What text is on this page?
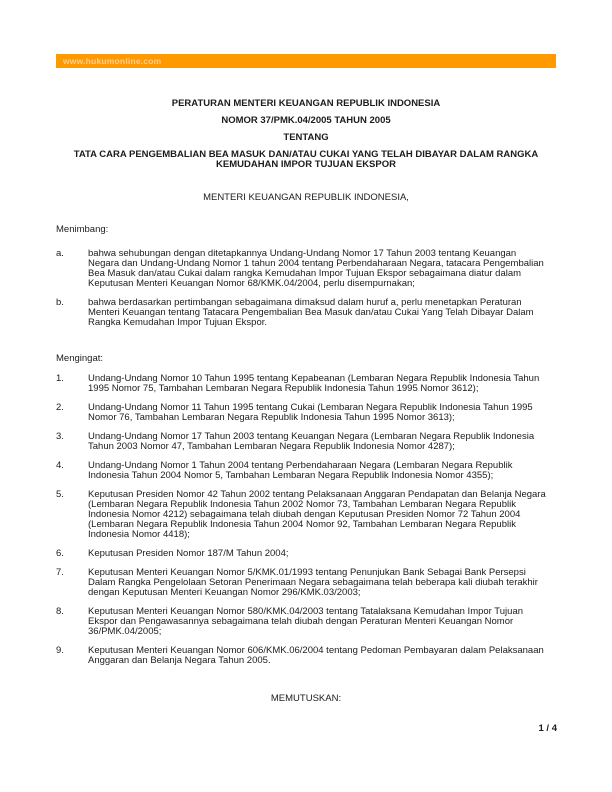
www.hukumonline.com

PERATURAN MENTERI KEUANGAN REPUBLIK INDONESIA

NOMOR 37/PMK.04/2005 TAHUN 2005

TENTANG

TATA CARA PENGEMBALIAN BEA MASUK DAN/ATAU CUKAI YANG TELAH DIBAYAR DALAM RANGKA KEMUDAHAN IMPOR TUJUAN EKSPOR

MENTERI KEUANGAN REPUBLIK INDONESIA,
Menimbang:
a.	bahwa sehubungan dengan ditetapkannya Undang-Undang Nomor 17 Tahun 2003 tentang Keuangan Negara dan Undang-Undang Nomor 1 tahun 2004 tentang Perbendaharaan Negara, tatacara Pengembalian Bea Masuk dan/atau Cukai dalam rangka Kemudahan Impor Tujuan Ekspor sebagaimana diatur dalam Keputusan Menteri Keuangan Nomor 68/KMK.04/2004, perlu disempurnakan;
b.	bahwa berdasarkan pertimbangan sebagaimana dimaksud dalam huruf a, perlu menetapkan Peraturan Menteri Keuangan tentang Tatacara Pengembalian Bea Masuk dan/atau Cukai Yang Telah Dibayar Dalam Rangka Kemudahan Impor Tujuan Ekspor.
Mengingat:
1.	Undang-Undang Nomor 10 Tahun 1995 tentang Kepabeanan (Lembaran Negara Republik Indonesia Tahun 1995 Nomor 75, Tambahan Lembaran Negara Republik Indonesia Tahun 1995 Nomor 3612);
2.	Undang-Undang Nomor 11 Tahun 1995 tentang Cukai (Lembaran Negara Republik Indonesia Tahun 1995 Nomor 76, Tambahan Lembaran Negara Republik Indonesia Tahun 1995 Nomor 3613);
3.	Undang-Undang Nomor 17 Tahun 2003 tentang Keuangan Negara (Lembaran Negara Republik Indonesia Tahun 2003 Nomor 47, Tambahan Lembaran Negara Republik Indonesia Nomor 4287);
4.	Undang-Undang Nomor 1 Tahun 2004 tentang Perbendaharaan Negara (Lembaran Negara Republik Indonesia Tahun 2004 Nomor 5, Tambahan Lembaran Negara Republik Indonesia Nomor 4355);
5.	Keputusan Presiden Nomor 42 Tahun 2002 tentang Pelaksanaan Anggaran Pendapatan dan Belanja Negara (Lembaran Negara Republik Indonesia Tahun 2002 Nomor 73, Tambahan Lembaran Negara Republik Indonesia Nomor 4212) sebagaimana telah diubah dengan Keputusan Presiden Nomor 72 Tahun 2004 (Lembaran Negara Republik Indonesia Tahun 2004 Nomor 92, Tambahan Lembaran Negara Republik Indonesia Nomor 4418);
6.	Keputusan Presiden Nomor 187/M Tahun 2004;
7.	Keputusan Menteri Keuangan Nomor 5/KMK.01/1993 tentang Penunjukan Bank Sebagai Bank Persepsi Dalam Rangka Pengelolaan Setoran Penerimaan Negara sebagaimana telah beberapa kali diubah terakhir dengan Keputusan Menteri Keuangan Nomor 296/KMK.03/2003;
8.	Keputusan Menteri Keuangan Nomor 580/KMK.04/2003 tentang Tatalaksana Kemudahan Impor Tujuan Ekspor dan Pengawasannya sebagaimana telah diubah dengan Peraturan Menteri Keuangan Nomor 36/PMK.04/2005;
9.	Keputusan Menteri Keuangan Nomor 606/KMK.06/2004 tentang Pedoman Pembayaran dalam Pelaksanaan Anggaran dan Belanja Negara Tahun 2005.
MEMUTUSKAN:
1 / 4
